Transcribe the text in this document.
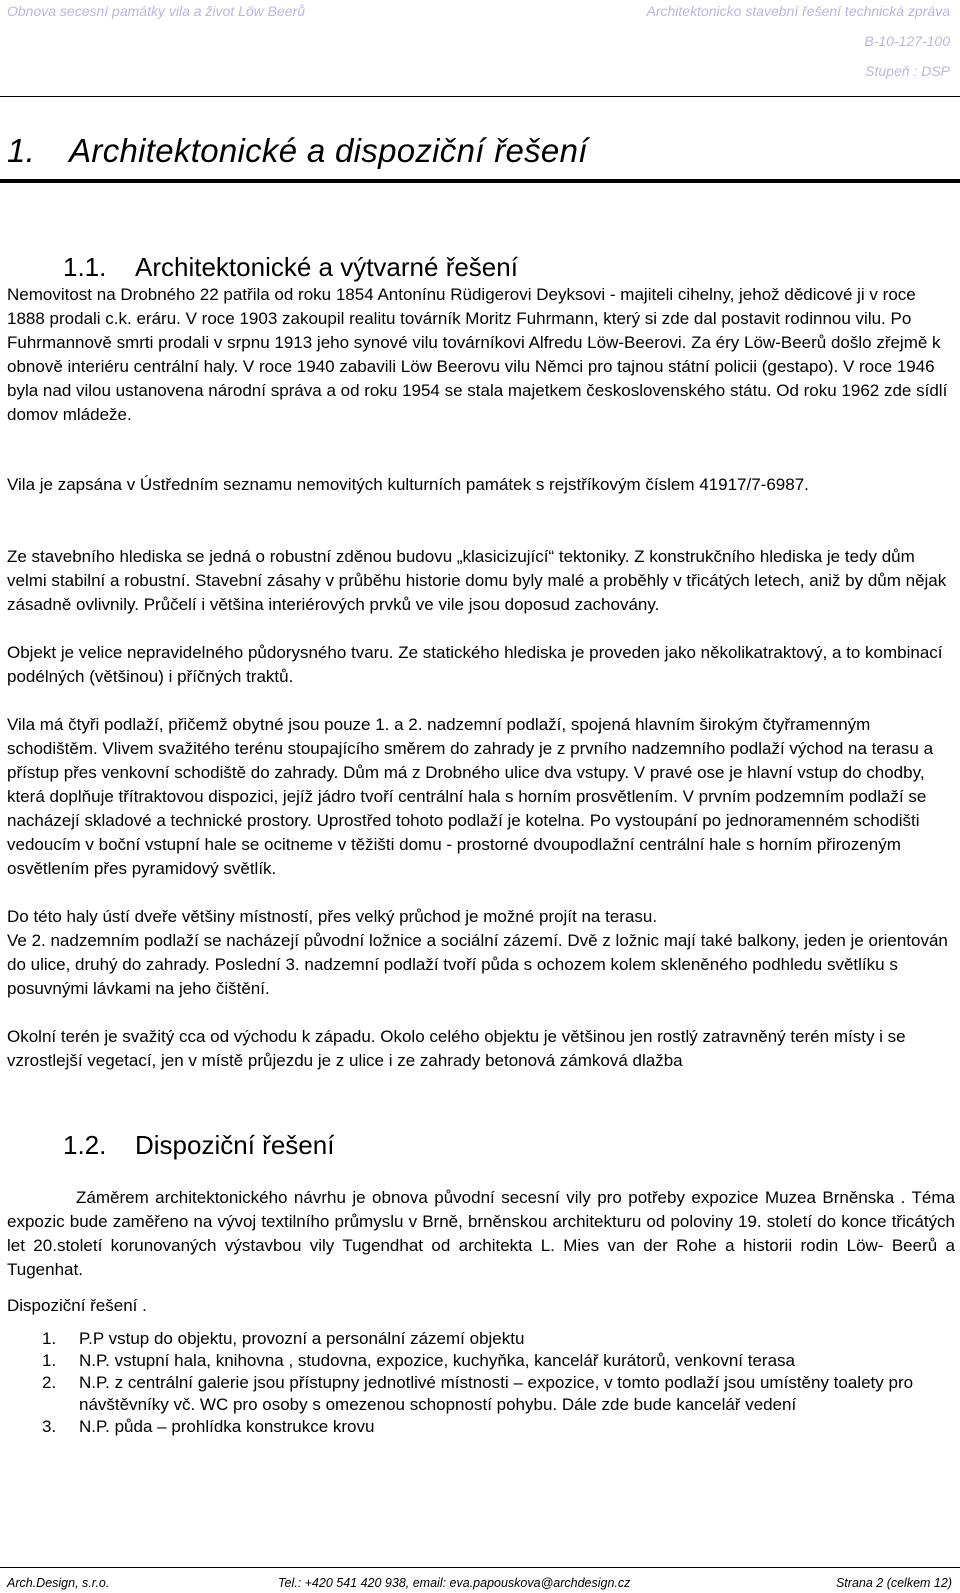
Obnova secesní památky vila a život Löw Beerů	Architektonicko stavební řešení technická zpráva
B-10-127-100
Stupeň : DSP
1. Architektonické a dispoziční řešení
1.1. Architektonické a výtvarné řešení

Nemovitost na Drobného 22 patřila od roku 1854 Antonínu Rüdigerovi Deyksovi - majiteli cihelny, jehož dědicové ji v roce 1888 prodali c.k. eráru. V roce 1903 zakoupil realitu továrník Moritz Fuhrmann, který si zde dal postavit rodinnou vilu. Po Fuhrmannově smrti prodali v srpnu 1913 jeho synové vilu továrníkovi Alfredu Löw-Beerovi. Za éry Löw-Beerů došlo zřejmě k obnově interiéru centrální haly. V roce 1940 zabavili Löw Beerovu vilu Němci pro tajnou státní policii (gestapo). V roce 1946 byla nad vilou ustanovena národní správa a od roku 1954 se stala majetkem československého státu. Od roku 1962 zde sídlí domov mládeže.

Vila je zapsána v Ústředním seznamu nemovitých kulturních památek s rejstříkovým číslem 41917/7-6987.

Ze stavebního hlediska se jedná o robustní zděnou budovu „klasicizující“ tektoniky. Z konstrukčního hlediska je tedy dům velmi stabilní a robustní. Stavební zásahy v průběhu historie domu byly malé a proběhly v třicátých letech, aniž by dům nějak zásadně ovlivnily. Průčelí i většina interiérových prvků ve vile jsou doposud zachovány.

Objekt je velice nepravidelného půdorysného tvaru. Ze statického hlediska je proveden jako několikatraktový, a to kombinací podélných (většinou) i příčných traktů.

Vila má čtyři podlaží, přičemž obytné jsou pouze 1. a 2. nadzemní podlaží, spojená hlavním širokým čtyřramenným schodištěm. Vlivem svažitého terénu stoupajícího směrem do zahrady je z prvního nadzemního podlaží východ na terasu a přístup přes venkovní schodiště do zahrady. Dům má z Drobného ulice dva vstupy. V pravé ose je hlavní vstup do chodby, která doplňuje třítraktovou dispozici, jejíž jádro tvoří centrální hala s horním prosvětlením. V prvním podzemním podlaží se nacházejí skladové a technické prostory. Uprostřed tohoto podlaží je kotelna. Po vystoupání po jednoramenném schodišti vedoucím v boční vstupní hale se ocitneme v těžišti domu - prostorné dvoupodlažní centrální hale s horním přirozeným osvětlením přes pyramidový světlík.

Do této haly ústí dveře většiny místností, přes velký průchod je možné projít na terasu.

Ve 2. nadzemním podlaží se nacházejí původní ložnice a sociální zázemí. Dvě z ložnic mají také balkony, jeden je orientován do ulice, druhý do zahrady. Poslední 3. nadzemní podlaží tvoří půda s ochozem kolem skleněného podhledu světlíku s posuvnými lávkami na jeho čištění.

Okolní terén je svažitý cca od východu k západu. Okolo celého objektu je většinou jen rostlý zatravněný terén místy i se vzrostlejší vegetací, jen v místě průjezdu je z ulice i ze zahrady betonová zámková dlažba

1.2. Dispoziční řešení

Záměrem architektonického návrhu je obnova původní secesní vily pro potřeby expozice Muzea Brněnska . Téma expozic bude zaměřeno na vývoj textilního průmyslu v Brně, brněnskou architekturu od poloviny 19. století do konce třicátých let 20.století korunovaných výstavbou vily Tugendhat od architekta L. Mies van der Rohe a historii rodin Löw- Beerů a Tugenhat.

Dispoziční řešení .

1. P.P vstup do objektu, provozní a personální zázemí objektu
1. N.P. vstupní hala, knihovna , studovna, expozice, kuchyňka, kancelář kurátorů, venkovní terasa
2. N.P. z centrální galerie jsou přístupny jednotlivé místnosti – expozice, v tomto podlaží jsou umístěny toalety pro návštěvníky vč. WC pro osoby s omezenou schopností pohybu. Dále zde bude kancelář vedení
3. N.P. půda – prohlídka konstrukce krovu
Arch.Design, s.r.o.	Tel.: +420 541 420 938, email: eva.papouskova@archdesign.cz	Strana 2 (celkem 12)
